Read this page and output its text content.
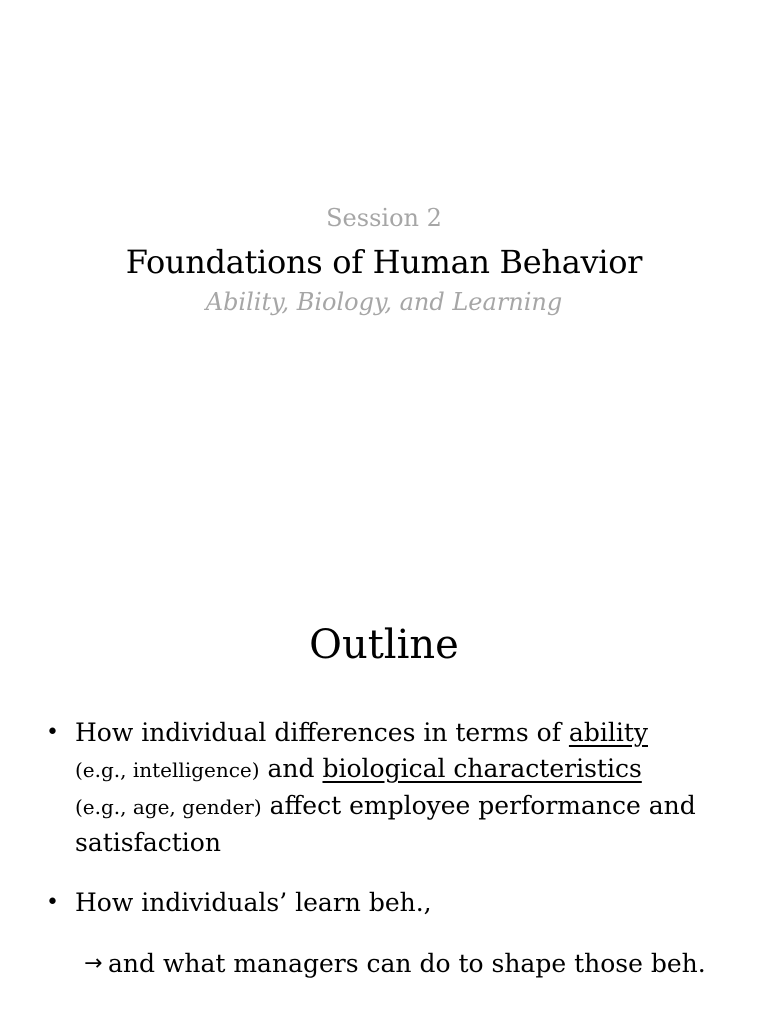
Session 2
Foundations of Human Behavior
Ability, Biology, and Learning
Outline
• How individual differences in terms of ability
(e.g., intelligence) and biological characteristics
(e.g., age, gender) affect employee performance and satisfaction
• How individuals’ learn beh.,
→ and what managers can do to shape those beh.
